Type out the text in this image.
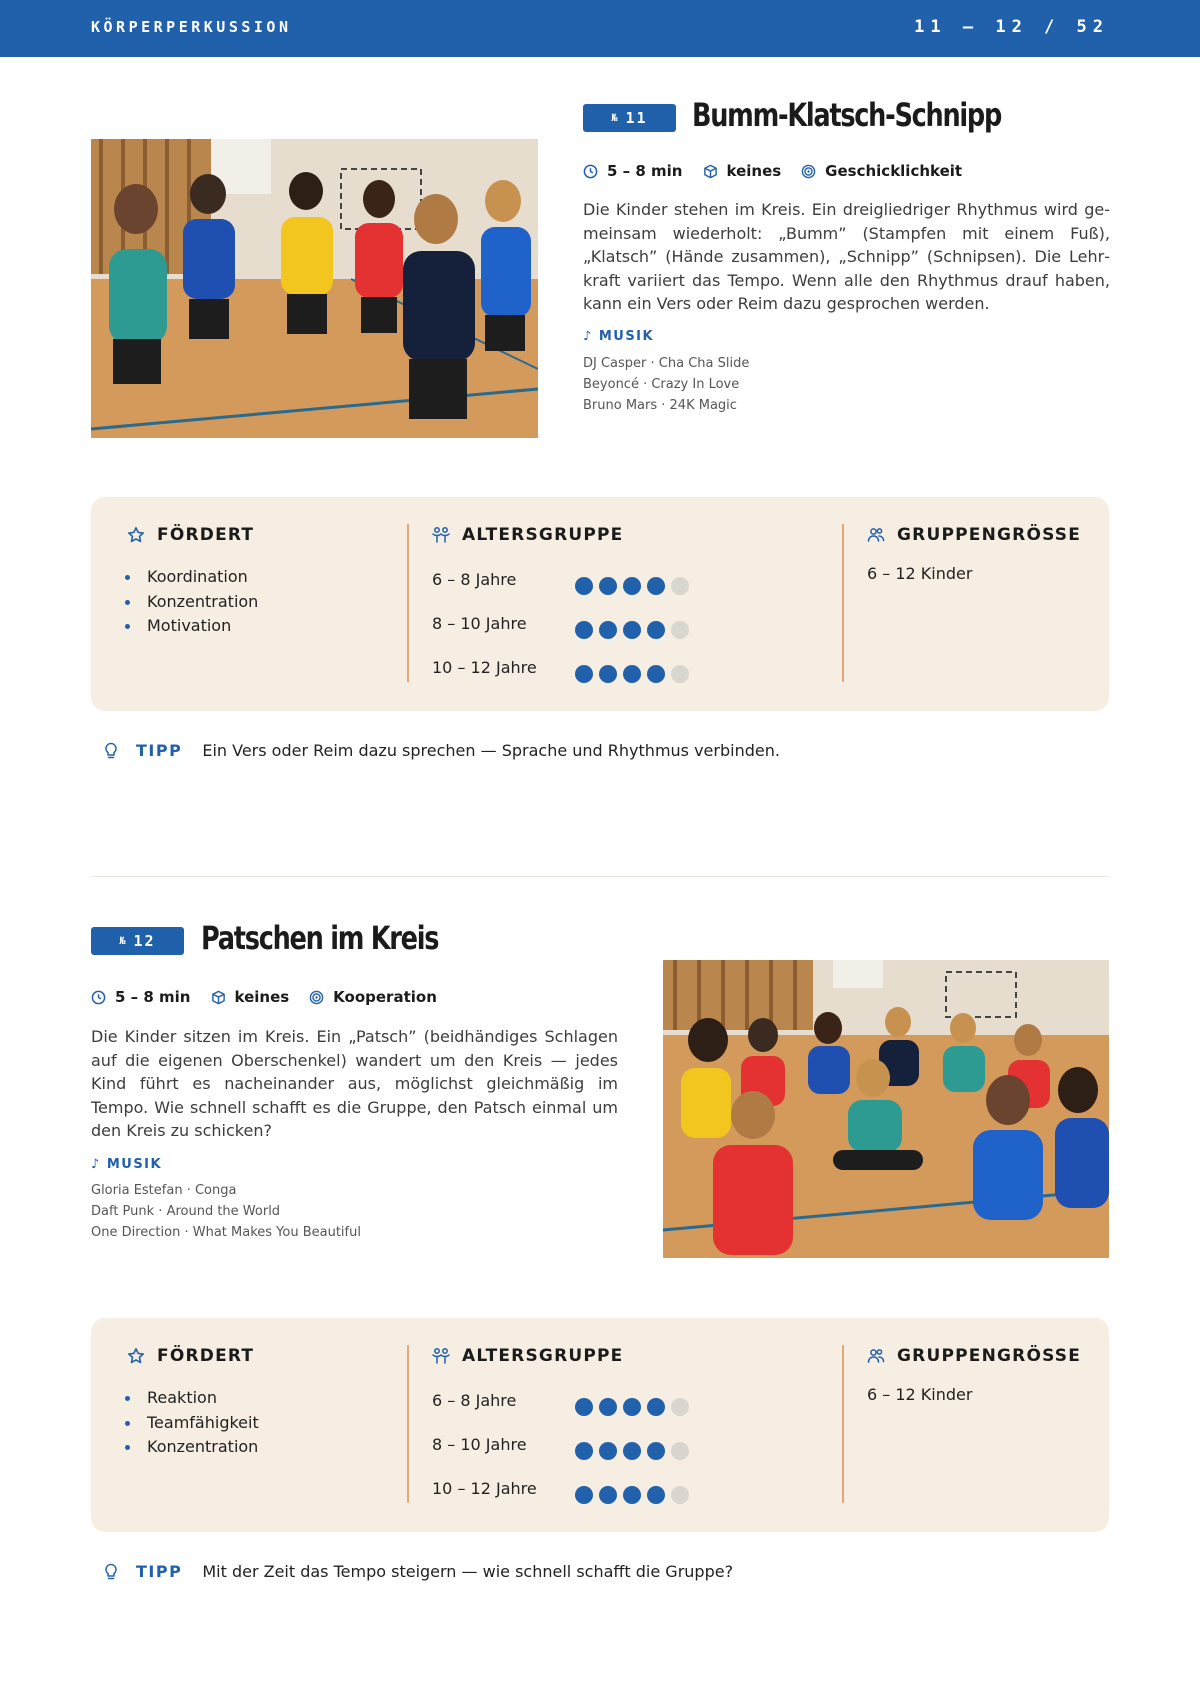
KÖRPERPERKUSSION	11 – 12 / 52
№ 11 Bumm-Klatsch-Schnipp
5 – 8 min	keines	Geschicklichkeit

Die Kinder stehen im Kreis. Ein dreigliedriger Rhythmus wird gemeinsam wiederholt: „Bumm” (Stampfen mit einem Fuß), „Klatsch” (Hände zusammen), „Schnipp” (Schnipsen). Die Lehrkraft variiert das Tempo. Wenn alle den Rhythmus drauf haben, kann ein Vers oder Reim dazu gesprochen werden.

♪ MUSIK
DJ Casper · Cha Cha Slide
Beyoncé · Crazy In Love
Bruno Mars · 24K Magic
FÖRDERT
Koordination
Konzentration
Motivation
ALTERSGRUPPE
6 – 8 Jahre
8 – 10 Jahre
10 – 12 Jahre
GRUPPENGRÖSSE
6 – 12 Kinder
TIPP Ein Vers oder Reim dazu sprechen — Sprache und Rhythmus verbinden.
№ 12 Patschen im Kreis
5 – 8 min	keines	Kooperation

Die Kinder sitzen im Kreis. Ein „Patsch” (beidhändiges Schlagen auf die eigenen Oberschenkel) wandert um den Kreis — jedes Kind führt es nacheinander aus, möglichst gleichmäßig im Tempo. Wie schnell schafft es die Gruppe, den Patsch einmal um den Kreis zu schicken?

♪ MUSIK
Gloria Estefan · Conga
Daft Punk · Around the World
One Direction · What Makes You Beautiful
FÖRDERT
Reaktion
Teamfähigkeit
Konzentration
ALTERSGRUPPE
6 – 8 Jahre
8 – 10 Jahre
10 – 12 Jahre
GRUPPENGRÖSSE
6 – 12 Kinder
TIPP Mit der Zeit das Tempo steigern — wie schnell schafft die Gruppe?
